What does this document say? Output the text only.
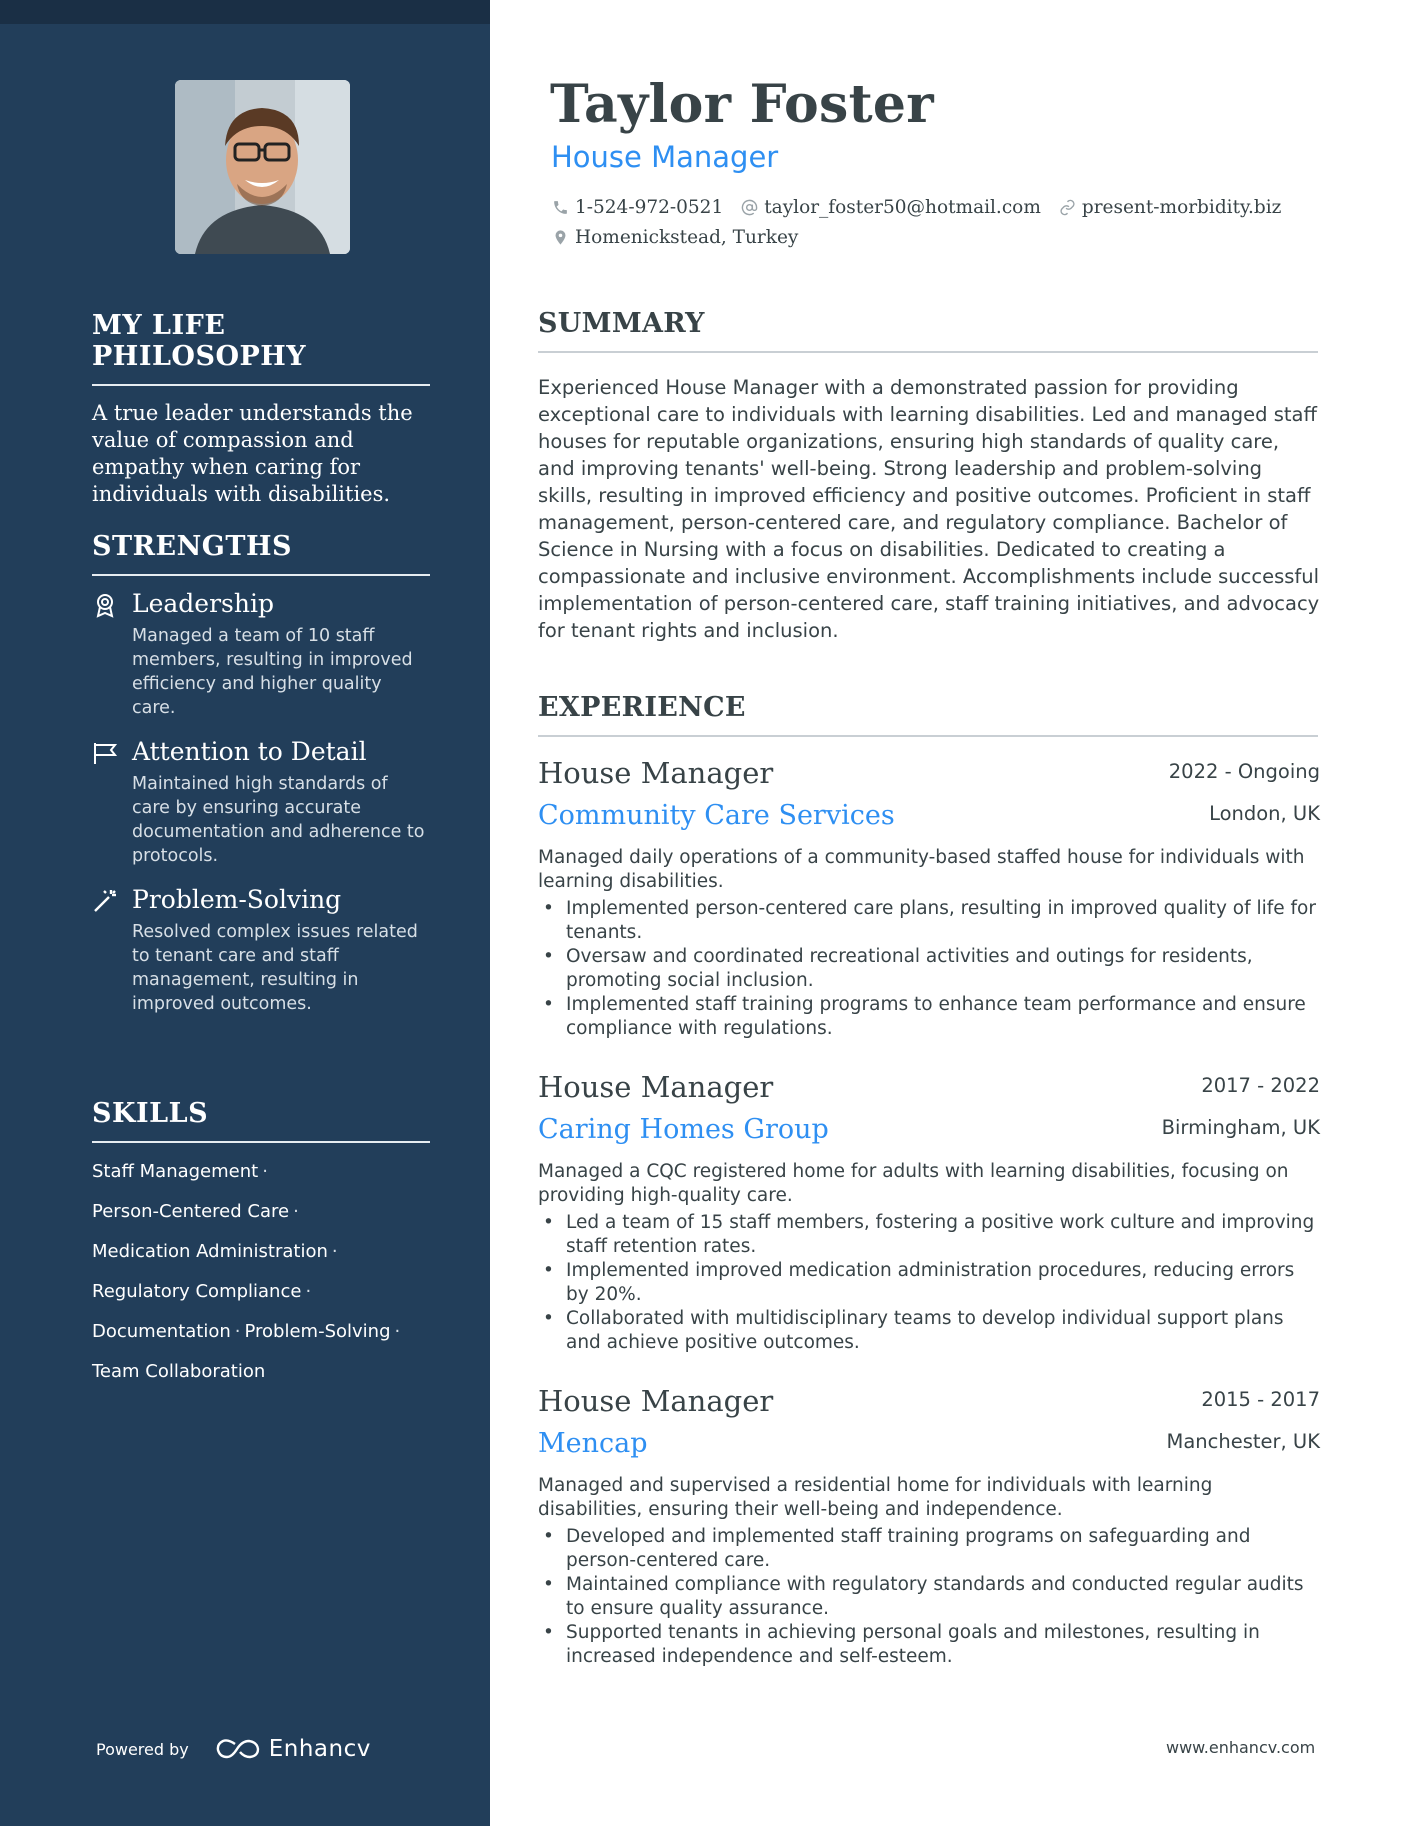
MY LIFE PHILOSOPHY

A true leader understands the value of compassion and empathy when caring for individuals with disabilities.

STRENGTHS
Leadership
Managed a team of 10 staff members, resulting in improved efficiency and higher quality care.
Attention to Detail
Maintained high standards of care by ensuring accurate documentation and adherence to protocols.
Problem-Solving
Resolved complex issues related to tenant care and staff management, resulting in improved outcomes.
SKILLS
Staff Management ·
Person-Centered Care ·
Medication Administration ·
Regulatory Compliance ·
Documentation · Problem-Solving ·
Team Collaboration
Powered by	Enhancv
Taylor Foster
House Manager
1-524-972-0521 taylor_foster50@hotmail.com present-morbidity.biz
Homenickstead, Turkey
SUMMARY

Experienced House Manager with a demonstrated passion for providing exceptional care to individuals with learning disabilities. Led and managed staff houses for reputable organizations, ensuring high standards of quality care, and improving tenants' well-being. Strong leadership and problem-solving skills, resulting in improved efficiency and positive outcomes. Proficient in staff management, person-centered care, and regulatory compliance. Bachelor of Science in Nursing with a focus on disabilities. Dedicated to creating a compassionate and inclusive environment. Accomplishments include successful implementation of person-centered care, staff training initiatives, and advocacy for tenant rights and inclusion.

EXPERIENCE
House Manager	2022 - Ongoing
Community Care Services	London, UK

Managed daily operations of a community-based staffed house for individuals with learning disabilities.

• Implemented person-centered care plans, resulting in improved quality of life for tenants.
• Oversaw and coordinated recreational activities and outings for residents, promoting social inclusion.
• Implemented staff training programs to enhance team performance and ensure compliance with regulations.
House Manager	2017 - 2022
Caring Homes Group	Birmingham, UK

Managed a CQC registered home for adults with learning disabilities, focusing on providing high-quality care.

• Led a team of 15 staff members, fostering a positive work culture and improving staff retention rates.
• Implemented improved medication administration procedures, reducing errors by 20%.
• Collaborated with multidisciplinary teams to develop individual support plans and achieve positive outcomes.
House Manager	2015 - 2017
Mencap	Manchester, UK

Managed and supervised a residential home for individuals with learning disabilities, ensuring their well-being and independence.

• Developed and implemented staff training programs on safeguarding and person-centered care.
• Maintained compliance with regulatory standards and conducted regular audits to ensure quality assurance.
• Supported tenants in achieving personal goals and milestones, resulting in increased independence and self-esteem.
www.enhancv.com
